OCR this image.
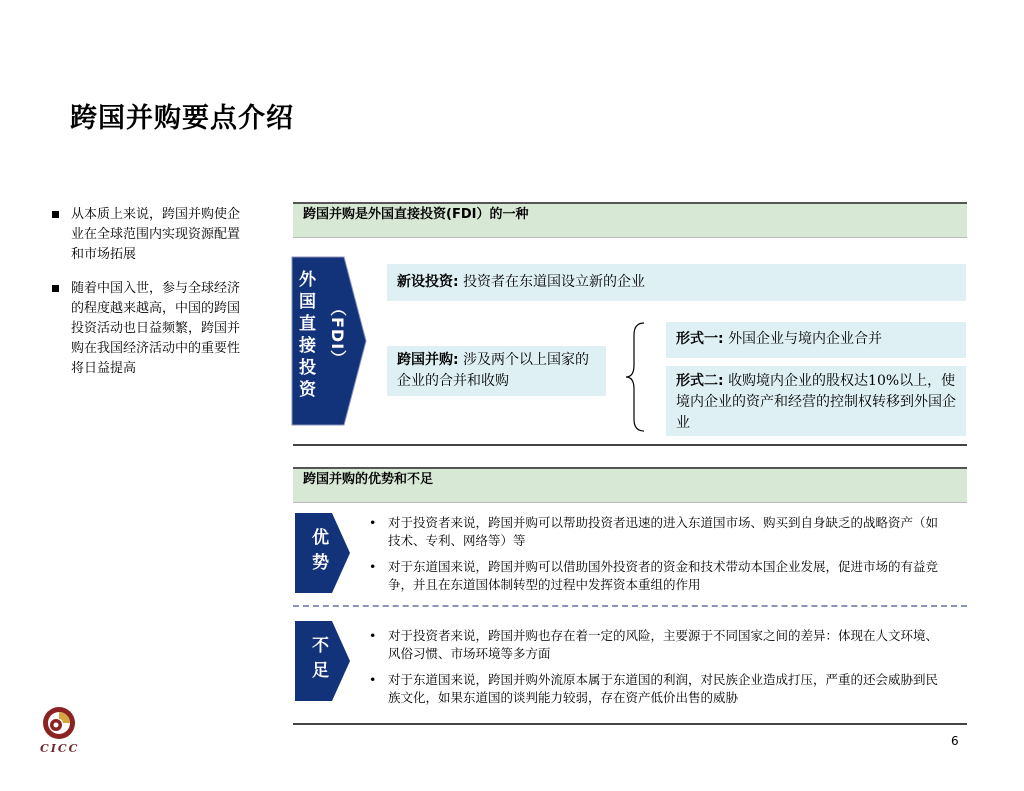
跨国并购要点介绍
从本质上来说，跨国并购使企业在全球范围内实现资源配置和市场拓展
随着中国入世，参与全球经济的程度越来越高，中国的跨国投资活动也日益频繁，跨国并购在我国经济活动中的重要性将日益提高
跨国并购是外国直接投资(FDI）的一种
外国直接投资 （FDI）
新设投资: 投资者在东道国设立新的企业
跨国并购: 涉及两个以上国家的企业的合并和收购
形式一: 外国企业与境内企业合并
形式二: 收购境内企业的股权达10%以上，使境内企业的资产和经营的控制权转移到外国企业
跨国并购的优势和不足
优势
• 对于投资者来说，跨国并购可以帮助投资者迅速的进入东道国市场、购买到自身缺乏的战略资产（如技术、专利、网络等）等
• 对于东道国来说，跨国并购可以借助国外投资者的资金和技术带动本国企业发展，促进市场的有益竞争，并且在东道国体制转型的过程中发挥资本重组的作用
不足
• 对于投资者来说，跨国并购也存在着一定的风险，主要源于不同国家之间的差异：体现在人文环境、风俗习惯、市场环境等多方面
• 对于东道国来说，跨国并购外流原本属于东道国的利润，对民族企业造成打压，严重的还会威胁到民族文化，如果东道国的谈判能力较弱，存在资产低价出售的威胁
CICC
6
